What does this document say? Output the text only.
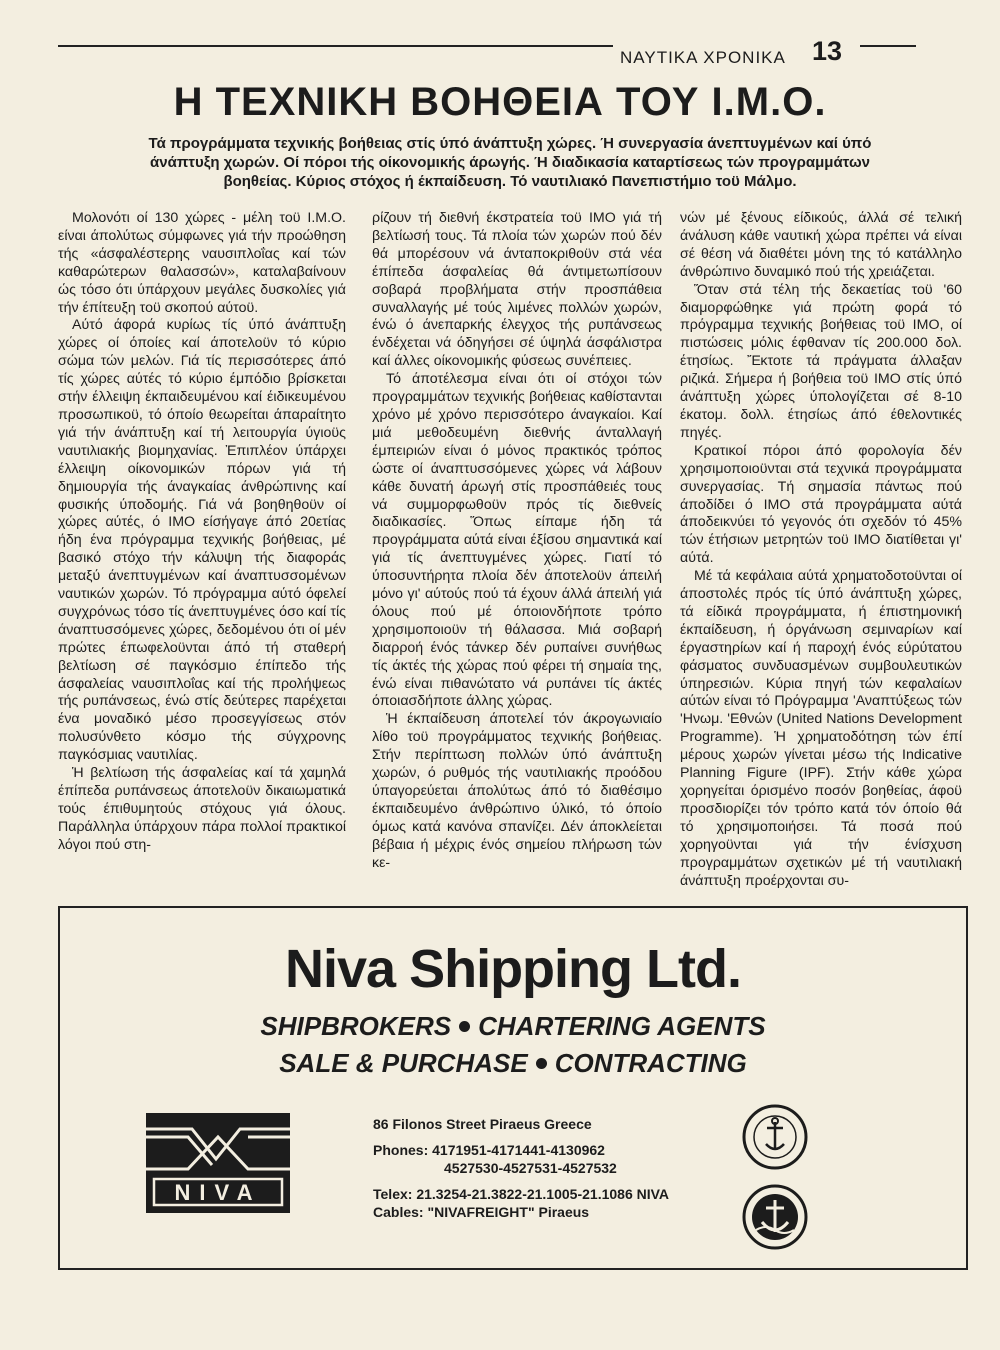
ΝΑΥΤΙΚΑ ΧΡΟΝΙΚΑ 13
Η ΤΕΧΝΙΚΗ ΒΟΗΘΕΙΑ ΤΟΥ Ι.Μ.Ο.
Τά προγράμματα τεχνικής βοήθειας στίς ύπό άνάπτυξη χώρες. Ή συνεργασία άνεπτυγμένων καί ύπό άνάπτυξη χωρών. Οί πόροι τής οίκονομικής άρωγής. Ή διαδικασία καταρτίσεως τών προγραμμάτων βοηθείας. Κύριος στόχος ή έκπαίδευση. Τό ναυτιλιακό Πανεπιστήμιο τοϋ Μάλμο.

Μολονότι οί 130 χώρες - μέλη τοϋ Ι.Μ.Ο. είναι άπολύτως σύμφωνες γιά τήν προώθηση τής «άσφαλέστερης ναυσιπλοΐας καί τών καθαρώτερων θαλασσών», καταλαβαίνουν ώς τόσο ότι ύπάρχουν μεγάλες δυσκολίες γιά τήν έπίτευξη τοϋ σκοπού αύτοϋ.

Αύτό άφορά κυρίως τίς ύπό άνάπτυξη χώρες οί όποίες καί άποτελοϋν τό κύριο σώμα τών μελών. Γιά τίς περισσότερες άπό τίς χώρες αύτές τό κύριο έμπόδιο βρίσκεται στήν έλλειψη έκπαιδευμένου καί έιδικευμένου προσωπικοϋ, τό όποίο θεωρείται άπαραίτητο γιά τήν άνάπτυξη καί τή λειτουργία ύγιοϋς ναυτιλιακής βιομηχανίας. Ἐπιπλέον ύπάρχει έλλειψη οίκονομικών πόρων γιά τή δημιουργία τής άναγκαίας άνθρώπινης καί φυσικής ύποδομής. Γιά νά βοηθηθοϋν οί χώρες αύτές, ό ΙΜΟ είσήγαγε άπό 20ετίας ήδη ένα πρόγραμμα τεχνικής βοήθειας, μέ βασικό στόχο τήν κάλυψη τής διαφοράς μεταξύ άνεπτυγμένων καί άναπτυσσομένων ναυτικών χωρών. Τό πρόγραμμα αύτό όφελεί συγχρόνως τόσο τίς άνεπτυγμένες όσο καί τίς άναπτυσσόμενες χώρες, δεδομένου ότι οί μέν πρώτες έπωφελοϋνται άπό τή σταθερή βελτίωση σέ παγκόσμιο έπίπεδο τής άσφαλείας ναυσιπλοΐας καί τής προλήψεως τής ρυπάνσεως, ένώ στίς δεύτερες παρέχεται ένα μοναδικό μέσο προσεγγίσεως στόν πολυσύνθετο κόσμο τής σύγχρονης παγκόσμιας ναυτιλίας.

Ἡ βελτίωση τής άσφαλείας καί τά χαμηλά έπίπεδα ρυπάνσεως άποτελοϋν δικαιωματικά τούς έπιθυμητούς στόχους γιά όλους. Παράλληλα ύπάρχουν πάρα πολλοί πρακτικοί λόγοι πού στη-

ρίζουν τή διεθνή έκστρατεία τοϋ ΙΜΟ γιά τή βελτίωσή τους. Τά πλοία τών χωρών πού δέν θά μπορέσουν νά άνταποκριθοϋν στά νέα έπίπεδα άσφαλείας θά άντιμετωπίσουν σοβαρά προβλήματα στήν προσπάθεια συναλλαγής μέ τούς λιμένες πολλών χωρών, ένώ ό άνεπαρκής έλεγχος τής ρυπάνσεως ένδέχεται νά όδηγήσει σέ ύψηλά άσφάλιστρα καί άλλες οίκονομικής φύσεως συνέπειες.

Τό άποτέλεσμα είναι ότι οί στόχοι τών προγραμμάτων τεχνικής βοήθειας καθίστανται χρόνο μέ χρόνο περισσότερο άναγκαίοι. Καί μιά μεθοδευμένη διεθνής άνταλλαγή έμπειριών είναι ό μόνος πρακτικός τρόπος ώστε οί άναπτυσσόμενες χώρες νά λάβουν κάθε δυνατή άρωγή στίς προσπάθειές τους νά συμμορφωθοϋν πρός τίς διεθνείς διαδικασίες. Ὅπως είπαμε ήδη τά προγράμματα αύτά είναι έξίσου σημαντικά καί γιά τίς άνεπτυγμένες χώρες. Γιατί τό ύποσυντήρητα πλοία δέν άποτελοϋν άπειλή μόνο γι' αύτούς πού τά έχουν άλλά άπειλή γιά όλους πού μέ όποιονδήποτε τρόπο χρησιμοποιοϋν τή θάλασσα. Μιά σοβαρή διαρροή ένός τάνκερ δέν ρυπαίνει συνήθως τίς άκτές τής χώρας πού φέρει τή σημαία της, ένώ είναι πιθανώτατο νά ρυπάνει τίς άκτές όποιασδήποτε άλλης χώρας.

Ἡ έκπαίδευση άποτελεί τόν άκρογωνιαίο λίθο τοϋ προγράμματος τεχνικής βοήθειας. Στήν περίπτωση πολλών ύπό άνάπτυξη χωρών, ό ρυθμός τής ναυτιλιακής προόδου ύπαγορεύεται άπολύτως άπό τό διαθέσιμο έκπαιδευμένο άνθρώπινο ύλικό, τό όποίο όμως κατά κανόνα σπανίζει. Δέν άποκλείεται βέβαια ή μέχρις ένός σημείου πλήρωση τών κε-

νών μέ ξένους είδικούς, άλλά σέ τελική άνάλυση κάθε ναυτική χώρα πρέπει νά είναι σέ θέση νά διαθέτει μόνη της τό κατάλληλο άνθρώπινο δυναμικό πού τής χρειάζεται.

Ὅταν στά τέλη τής δεκαετίας τοϋ '60 διαμορφώθηκε γιά πρώτη φορά τό πρόγραμμα τεχνικής βοήθειας τοϋ ΙΜΟ, οί πιστώσεις μόλις έφθαναν τίς 200.000 δολ. έτησίως. Ἔκτοτε τά πράγματα άλλαξαν ριζικά. Σήμερα ή βοήθεια τοϋ ΙΜΟ στίς ύπό άνάπτυξη χώρες ύπολογίζεται σέ 8-10 έκατομ. δολλ. έτησίως άπό έθελοντικές πηγές.

Κρατικοί πόροι άπό φορολογία δέν χρησιμοποιοϋνται στά τεχνικά προγράμματα συνεργασίας. Τή σημασία πάντως πού άποδίδει ό ΙΜΟ στά προγράμματα αύτά άποδεικνύει τό γεγονός ότι σχεδόν τό 45% τών έτήσιων μετρητών τοϋ ΙΜΟ διατίθεται γι' αύτά.

Μέ τά κεφάλαια αύτά χρηματοδοτοϋνται οί άποστολές πρός τίς ύπό άνάπτυξη χώρες, τά είδικά προγράμματα, ή έπιστημονική έκπαίδευση, ή όργάνωση σεμιναρίων καί έργαστηρίων καί ή παροχή ένός εύρύτατου φάσματος συνδυασμένων συμβουλευτικών ύπηρεσιών. Κύρια πηγή τών κεφαλαίων αύτών είναι τό Πρόγραμμα 'Αναπτύξεως τών 'Ηνωμ. 'Εθνών (United Nations Development Programme). Ἡ χρηματοδότηση τών έπί μέρους χωρών γίνεται μέσω τής Indicative Planning Figure (IPF). Στήν κάθε χώρα χορηγείται όρισμένο ποσόν βοηθείας, άφοϋ προσδιορίζει τόν τρόπο κατά τόν όποίο θά τό χρησιμοποιήσει. Τά ποσά πού χορηγοϋνται γιά τήν ένίσχυση προγραμμάτων σχετικών μέ τή ναυτιλιακή άνάπτυξη προέρχονται συ-

Niva Shipping Ltd.
SHIPBROKERS CHARTERING AGENTS
SALE & PURCHASE CONTRACTING
NIVA
86 Filonos Street Piraeus Greece
Phones: 4171951-4171441-4130962
4527530-4527531-4527532
Telex: 21.3254-21.3822-21.1005-21.1086 NIVA
Cables: "NIVAFREIGHT" Piraeus
